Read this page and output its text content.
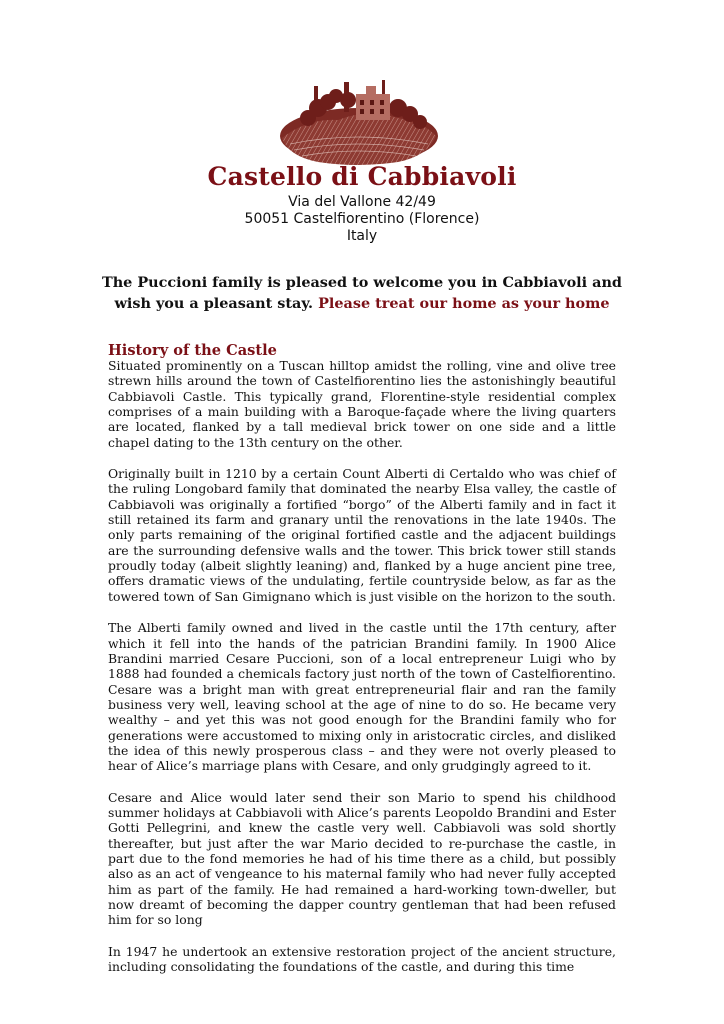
Castello di Cabbiavoli
Via del Vallone 42/49
50051 Castelfiorentino (Florence)
Italy
The Puccioni family is pleased to welcome you in Cabbiavoli and wish you a pleasant stay. Please treat our home as your home
History of the Castle

Situated prominently on a Tuscan hilltop amidst the rolling, vine and olive tree strewn hills around the town of Castelfiorentino lies the astonishingly beautiful Cabbiavoli Castle. This typically grand, Florentine-style residential complex comprises of a main building with a Baroque-façade where the living quarters are located, flanked by a tall medieval brick tower on one side and a little chapel dating to the 13th century on the other.

Originally built in 1210 by a certain Count Alberti di Certaldo who was chief of the ruling Longobard family that dominated the nearby Elsa valley, the castle of Cabbiavoli was originally a fortified “borgo” of the Alberti family and in fact it still retained its farm and granary until the renovations in the late 1940s. The only parts remaining of the original fortified castle and the adjacent buildings are the surrounding defensive walls and the tower. This brick tower still stands proudly today (albeit slightly leaning) and, flanked by a huge ancient pine tree, offers dramatic views of the undulating, fertile countryside below, as far as the towered town of San Gimignano which is just visible on the horizon to the south.

The Alberti family owned and lived in the castle until the 17th century, after which it fell into the hands of the patrician Brandini family. In 1900 Alice Brandini married Cesare Puccioni, son of a local entrepreneur Luigi who by 1888 had founded a chemicals factory just north of the town of Castelfiorentino. Cesare was a bright man with great entrepreneurial flair and ran the family business very well, leaving school at the age of nine to do so. He became very wealthy – and yet this was not good enough for the Brandini family who for generations were accustomed to mixing only in aristocratic circles, and disliked the idea of this newly prosperous class – and they were not overly pleased to hear of Alice’s marriage plans with Cesare, and only grudgingly agreed to it.

Cesare and Alice would later send their son Mario to spend his childhood summer holidays at Cabbiavoli with Alice’s parents Leopoldo Brandini and Ester Gotti Pellegrini, and knew the castle very well. Cabbiavoli was sold shortly thereafter, but just after the war Mario decided to re-purchase the castle, in part due to the fond memories he had of his time there as a child, but possibly also as an act of vengeance to his maternal family who had never fully accepted him as part of the family. He had remained a hard-working town-dweller, but now dreamt of becoming the dapper country gentleman that had been refused him for so long

In 1947 he undertook an extensive restoration project of the ancient structure, including consolidating the foundations of the castle, and during this time
